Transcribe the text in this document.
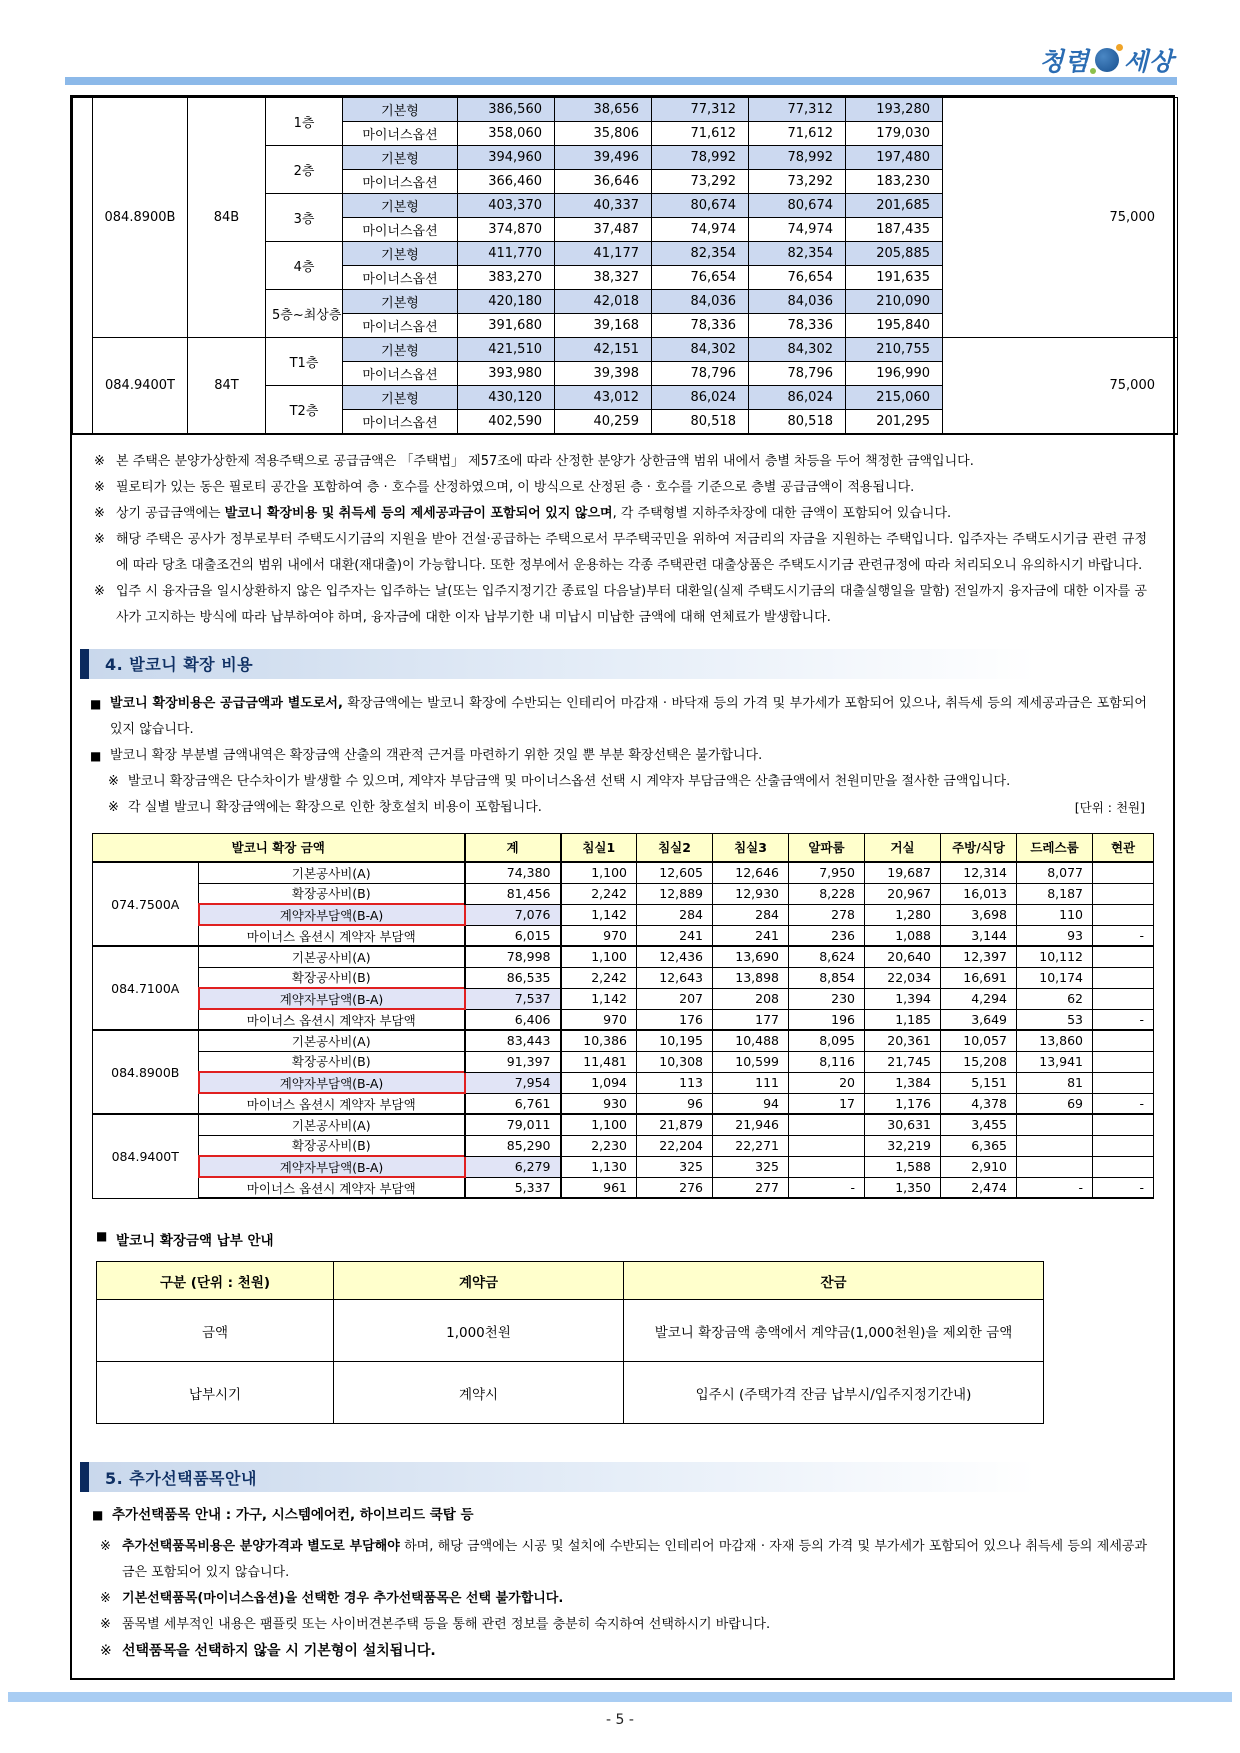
청렴 세상
	084.8900B	84B	1층	기본형	386,560	38,656	77,312	77,312	193,280	75,000
				마이너스옵션	358,060	35,806	71,612	71,612	179,030	
			2층	기본형	394,960	39,496	78,992	78,992	197,480	
				마이너스옵션	366,460	36,646	73,292	73,292	183,230	
			3층	기본형	403,370	40,337	80,674	80,674	201,685	
				마이너스옵션	374,870	37,487	74,974	74,974	187,435	
			4층	기본형	411,770	41,177	82,354	82,354	205,885	
				마이너스옵션	383,270	38,327	76,654	76,654	191,635	
			5층~최상층	기본형	420,180	42,018	84,036	84,036	210,090	
				마이너스옵션	391,680	39,168	78,336	78,336	195,840	
	084.9400T	84T	T1층	기본형	421,510	42,151	84,302	84,302	210,755	75,000
				마이너스옵션	393,980	39,398	78,796	78,796	196,990	
			T2층	기본형	430,120	43,012	86,024	86,024	215,060	
				마이너스옵션	402,590	40,259	80,518	80,518	201,295	
※ 본 주택은 분양가상한제 적용주택으로 공급금액은 「주택법」 제57조에 따라 산정한 분양가 상한금액 범위 내에서 층별 차등을 두어 책정한 금액입니다.
※ 필로티가 있는 동은 필로티 공간을 포함하여 층 · 호수를 산정하였으며, 이 방식으로 산정된 층 · 호수를 기준으로 층별 공급금액이 적용됩니다.
※ 상기 공급금액에는 발코니 확장비용 및 취득세 등의 제세공과금이 포함되어 있지 않으며, 각 주택형별 지하주차장에 대한 금액이 포함되어 있습니다.
※ 해당 주택은 공사가 정부로부터 주택도시기금의 지원을 받아 건설·공급하는 주택으로서 무주택국민을 위하여 저금리의 자금을 지원하는 주택입니다. 입주자는 주택도시기금 관련 규정에 따라 당초 대출조건의 범위 내에서 대환(재대출)이 가능합니다. 또한 정부에서 운용하는 각종 주택관련 대출상품은 주택도시기금 관련규정에 따라 처리되오니 유의하시기 바랍니다.
※ 입주 시 융자금을 일시상환하지 않은 입주자는 입주하는 날(또는 입주지정기간 종료일 다음날)부터 대환일(실제 주택도시기금의 대출실행일을 말함) 전일까지 융자금에 대한 이자를 공사가 고지하는 방식에 따라 납부하여야 하며, 융자금에 대한 이자 납부기한 내 미납시 미납한 금액에 대해 연체료가 발생합니다.
4. 발코니 확장 비용
■ 발코니 확장비용은 공급금액과 별도로서, 확장금액에는 발코니 확장에 수반되는 인테리어 마감재 · 바닥재 등의 가격 및 부가세가 포함되어 있으나, 취득세 등의 제세공과금은 포함되어 있지 않습니다.
■ 발코니 확장 부분별 금액내역은 확장금액 산출의 객관적 근거를 마련하기 위한 것일 뿐 부분 확장선택은 불가합니다.
※ 발코니 확장금액은 단수차이가 발생할 수 있으며, 계약자 부담금액 및 마이너스옵션 선택 시 계약자 부담금액은 산출금액에서 천원미만을 절사한 금액입니다.
※ 각 실별 발코니 확장금액에는 확장으로 인한 창호설치 비용이 포함됩니다.	[단위 : 천원]
발코니 확장 금액		계	침실1	침실2	침실3	알파룸	거실	주방/식당	드레스룸	현관
074.7500A	기본공사비(A)	74,380	1,100	12,605	12,646	7,950	19,687	12,314	8,077	
	확장공사비(B)	81,456	2,242	12,889	12,930	8,228	20,967	16,013	8,187	
	계약자부담액(B-A)	7,076	1,142	284	284	278	1,280	3,698	110	
	마이너스 옵션시 계약자 부담액	6,015	970	241	241	236	1,088	3,144	93	-
084.7100A	기본공사비(A)	78,998	1,100	12,436	13,690	8,624	20,640	12,397	10,112	
	확장공사비(B)	86,535	2,242	12,643	13,898	8,854	22,034	16,691	10,174	
	계약자부담액(B-A)	7,537	1,142	207	208	230	1,394	4,294	62	
	마이너스 옵션시 계약자 부담액	6,406	970	176	177	196	1,185	3,649	53	-
084.8900B	기본공사비(A)	83,443	10,386	10,195	10,488	8,095	20,361	10,057	13,860	
	확장공사비(B)	91,397	11,481	10,308	10,599	8,116	21,745	15,208	13,941	
	계약자부담액(B-A)	7,954	1,094	113	111	20	1,384	5,151	81	
	마이너스 옵션시 계약자 부담액	6,761	930	96	94	17	1,176	4,378	69	-
084.9400T	기본공사비(A)	79,011	1,100	21,879	21,946		30,631	3,455		
	확장공사비(B)	85,290	2,230	22,204	22,271		32,219	6,365		
	계약자부담액(B-A)	6,279	1,130	325	325		1,588	2,910		
	마이너스 옵션시 계약자 부담액	5,337	961	276	277	-	1,350	2,474	-	-
■ 발코니 확장금액 납부 안내
구분 (단위 : 천원)	계약금	잔금
금액	1,000천원	발코니 확장금액 총액에서 계약금(1,000천원)을 제외한 금액
납부시기	계약시	입주시 (주택가격 잔금 납부시/입주지정기간내)
5. 추가선택품목안내
■ 추가선택품목 안내 : 가구, 시스템에어컨, 하이브리드 쿡탑 등
※ 추가선택품목비용은 분양가격과 별도로 부담해야 하며, 해당 금액에는 시공 및 설치에 수반되는 인테리어 마감재 · 자재 등의 가격 및 부가세가 포함되어 있으나 취득세 등의 제세공과금은 포함되어 있지 않습니다.
※ 기본선택품목(마이너스옵션)을 선택한 경우 추가선택품목은 선택 불가합니다.
※ 품목별 세부적인 내용은 팸플릿 또는 사이버견본주택 등을 통해 관련 정보를 충분히 숙지하여 선택하시기 바랍니다.
※ 선택품목을 선택하지 않을 시 기본형이 설치됩니다.
- 5 -
